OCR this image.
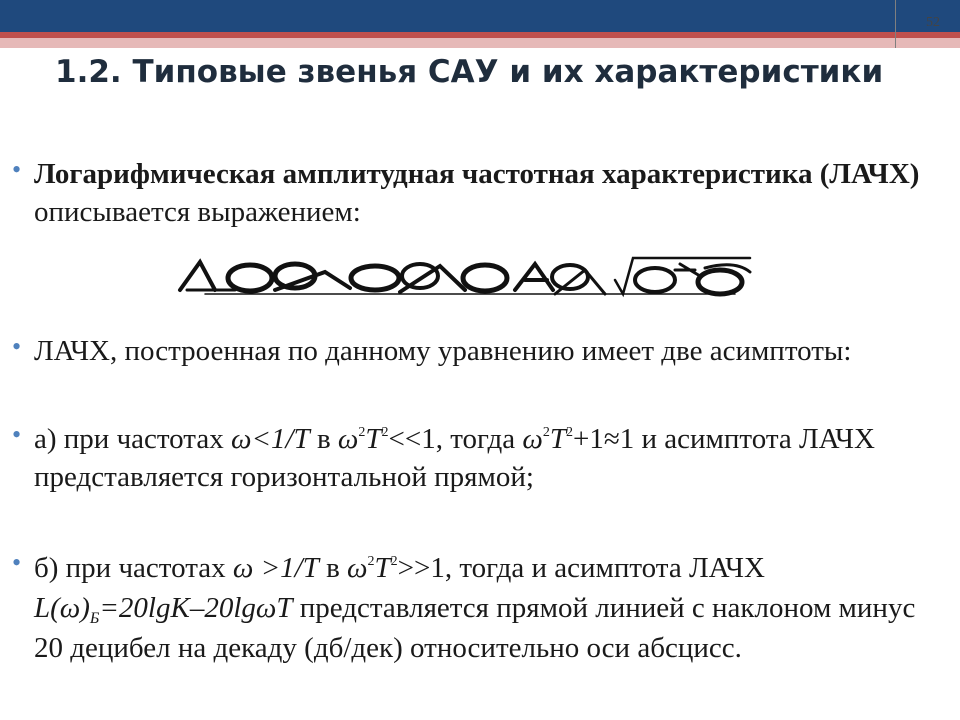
52
1.2. Типовые звенья САУ и их характеристики
• Логарифмическая амплитудная частотная характеристика (ЛАЧХ) описывается выражением:
• ЛАЧХ, построенная по данному уравнению имеет две асимптоты:
• а) при частотах ω<1/T в $\omega^2T^2<<1$, тогда $\omega^2T^2+1\approx 1$ и асимптота ЛАЧХ представляется горизонтальной прямой;
• б) при частотах ω >1/T в $\omega^2T^2>>1$, тогда и асимптота ЛАЧХ $L(\omega)_Б=20\lg K-20\lg\omega T$ представляется прямой линией с наклоном минус 20 децибел на декаду (дб/дек) относительно оси абсцисс.
